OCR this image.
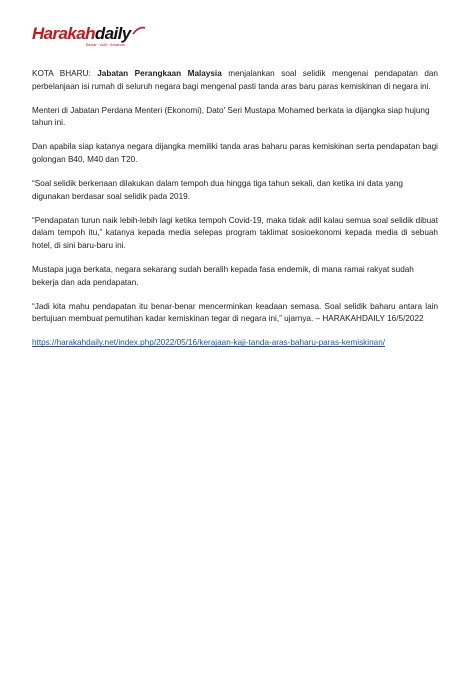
Harakahdaily
Benar · Adil · Amanah

KOTA BHARU: Jabatan Perangkaan Malaysia menjalankan soal selidik mengenai pendapatan dan perbelanjaan isi rumah di seluruh negara bagi mengenal pasti tanda aras baru paras kemiskinan di negara ini.

Menteri di Jabatan Perdana Menteri (Ekonomi), Dato' Seri Mustapa Mohamed berkata ia dijangka siap hujung tahun ini.

Dan apabila siap katanya negara dijangka memiliki tanda aras baharu paras kemiskinan serta pendapatan bagi golongan B40, M40 dan T20.

“Soal selidik berkenaan dilakukan dalam tempoh dua hingga tiga tahun sekali, dan ketika ini data yang digunakan berdasar soal selidik pada 2019.

“Pendapatan turun naik lebih-lebih lagi ketika tempoh Covid-19, maka tidak adil kalau semua soal selidik dibuat dalam tempoh itu,” katanya kepada media selepas program taklimat sosioekonomi kepada media di sebuah hotel, di sini baru-baru ini.

Mustapa juga berkata, negara sekarang sudah beralih kepada fasa endemik, di mana ramai rakyat sudah bekerja dan ada pendapatan.

“Jadi kita mahu pendapatan itu benar-benar mencerminkan keadaan semasa. Soal selidik baharu antara lain bertujuan membuat pemutihan kadar kemiskinan tegar di negara ini,” ujarnya. – HARAKAHDAILY 16/5/2022

https://harakahdaily.net/index.php/2022/05/16/kerajaan-kaji-tanda-aras-baharu-paras-kemiskinan/
